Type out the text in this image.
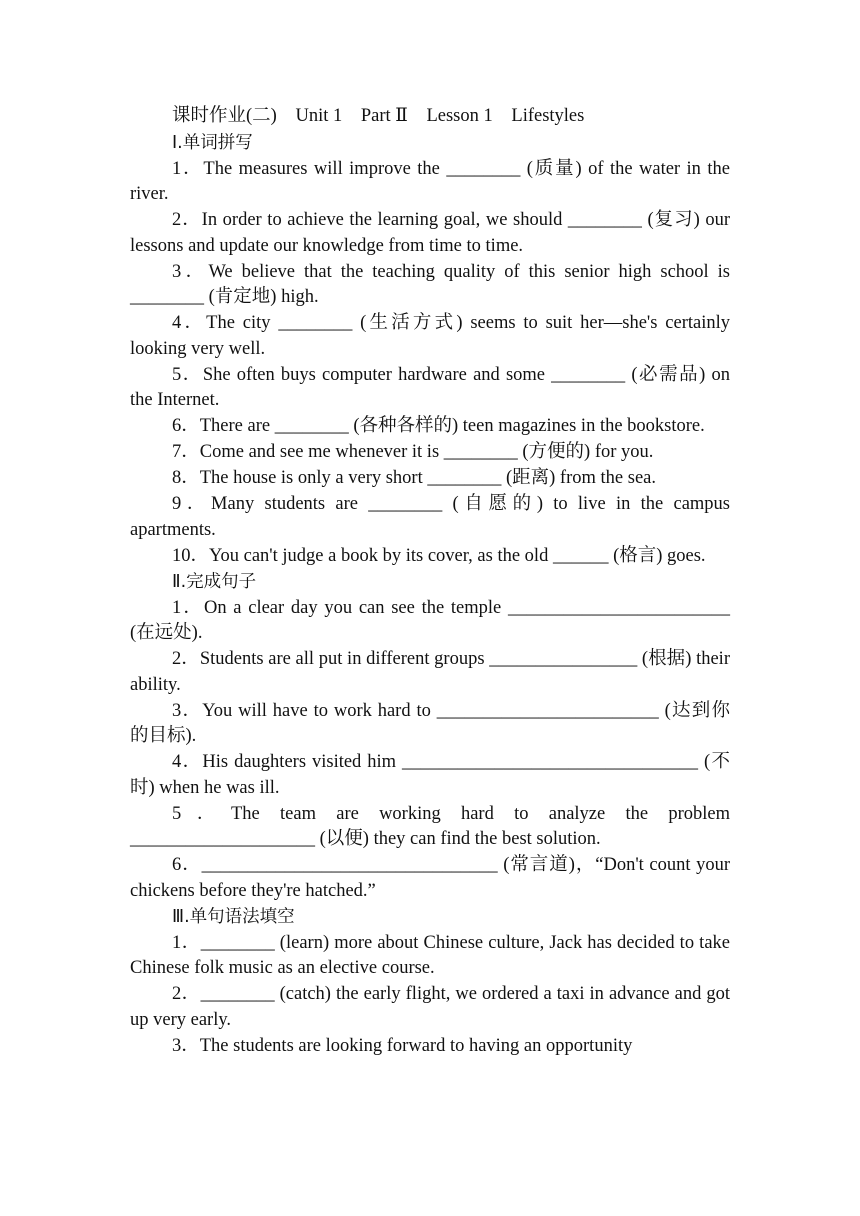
课时作业(二) Unit 1 Part Ⅱ Lesson 1 Lifestyles
Ⅰ.单词拼写
1．The measures will improve the ________ (质量) of the water in the river.
2．In order to achieve the learning goal, we should ________ (复习) our lessons and update our knowledge from time to time.
3．We believe that the teaching quality of this senior high school is ________ (肯定地) high.
4．The city ________ (生活方式) seems to suit her—she's certainly looking very well.
5．She often buys computer hardware and some ________ (必需品) on the Internet.
6．There are ________ (各种各样的) teen magazines in the bookstore.
7．Come and see me whenever it is ________ (方便的) for you.
8．The house is only a very short ________ (距离) from the sea.
9．Many students are ________ (自愿的) to live in the campus apartments.
10．You can't judge a book by its cover, as the old ______ (格言) goes.
Ⅱ.完成句子
1．On a clear day you can see the temple ________________________ (在远处).
2．Students are all put in different groups ________________ (根据) their ability.
3．You will have to work hard to ________________________ (达到你的目标).
4．His daughters visited him ________________________________ (不时) when he was ill.
5．The team are working hard to analyze the problem ____________________ (以便) they can find the best solution.
6．________________________________ (常言道)，“Don't count your chickens before they're hatched.”
Ⅲ.单句语法填空
1．________ (learn) more about Chinese culture, Jack has decided to take Chinese folk music as an elective course.
2．________ (catch) the early flight, we ordered a taxi in advance and got up very early.
3．The students are looking forward to having an opportunity
